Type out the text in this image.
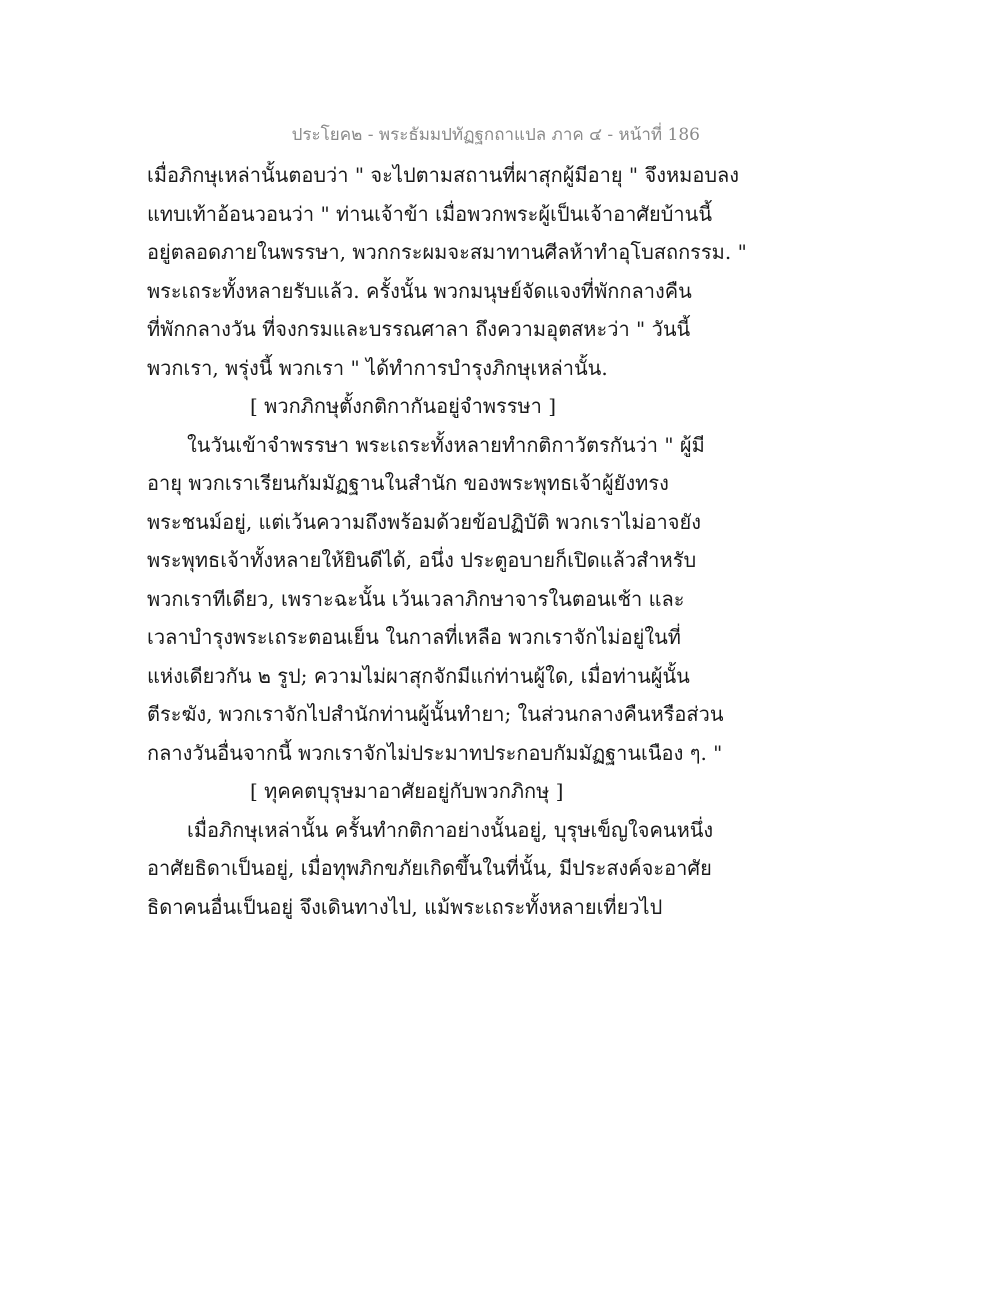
ประโยค๒ - พระธัมมปทัฏฐกถาแปล ภาค ๔ - หน้าที่ 186
เมื่อภิกษุเหล่านั้นตอบว่า " จะไปตามสถานที่ผาสุกผู้มีอายุ " จึงหมอบลง
แทบเท้าอ้อนวอนว่า " ท่านเจ้าข้า เมื่อพวกพระผู้เป็นเจ้าอาศัยบ้านนี้
อยู่ตลอดภายในพรรษา, พวกกระผมจะสมาทานศีลห้าทำอุโบสถกรรม. "
พระเถระทั้งหลายรับแล้ว. ครั้งนั้น พวกมนุษย์จัดแจงที่พักกลางคืน
ที่พักกลางวัน ที่จงกรมและบรรณศาลา ถึงความอุตสหะว่า " วันนี้
พวกเรา, พรุ่งนี้ พวกเรา " ได้ทำการบำรุงภิกษุเหล่านั้น.
[ พวกภิกษุตั้งกติกากันอยู่จำพรรษา ]
ในวันเข้าจำพรรษา พระเถระทั้งหลายทำกติกาวัตรกันว่า " ผู้มี
อายุ พวกเราเรียนกัมมัฏฐานในสำนัก ของพระพุทธเจ้าผู้ยังทรง
พระชนม์อยู่, แต่เว้นความถึงพร้อมด้วยข้อปฏิบัติ พวกเราไม่อาจยัง
พระพุทธเจ้าทั้งหลายให้ยินดีได้, อนึ่ง ประตูอบายก็เปิดแล้วสำหรับ
พวกเราทีเดียว, เพราะฉะนั้น เว้นเวลาภิกษาจารในตอนเช้า และ
เวลาบำรุงพระเถระตอนเย็น ในกาลที่เหลือ พวกเราจักไม่อยู่ในที่
แห่งเดียวกัน ๒ รูป; ความไม่ผาสุกจักมีแก่ท่านผู้ใด, เมื่อท่านผู้นั้น
ตีระฆัง, พวกเราจักไปสำนักท่านผู้นั้นทำยา; ในส่วนกลางคืนหรือส่วน
กลางวันอื่นจากนี้ พวกเราจักไม่ประมาทประกอบกัมมัฏฐานเนือง ๆ. "
[ ทุคคตบุรุษมาอาศัยอยู่กับพวกภิกษุ ]
เมื่อภิกษุเหล่านั้น ครั้นทำกติกาอย่างนั้นอยู่, บุรุษเข็ญใจคนหนึ่ง
อาศัยธิดาเป็นอยู่, เมื่อทุพภิกขภัยเกิดขึ้นในที่นั้น, มีประสงค์จะอาศัย
ธิดาคนอื่นเป็นอยู่ จึงเดินทางไป, แม้พระเถระทั้งหลายเที่ยวไป
